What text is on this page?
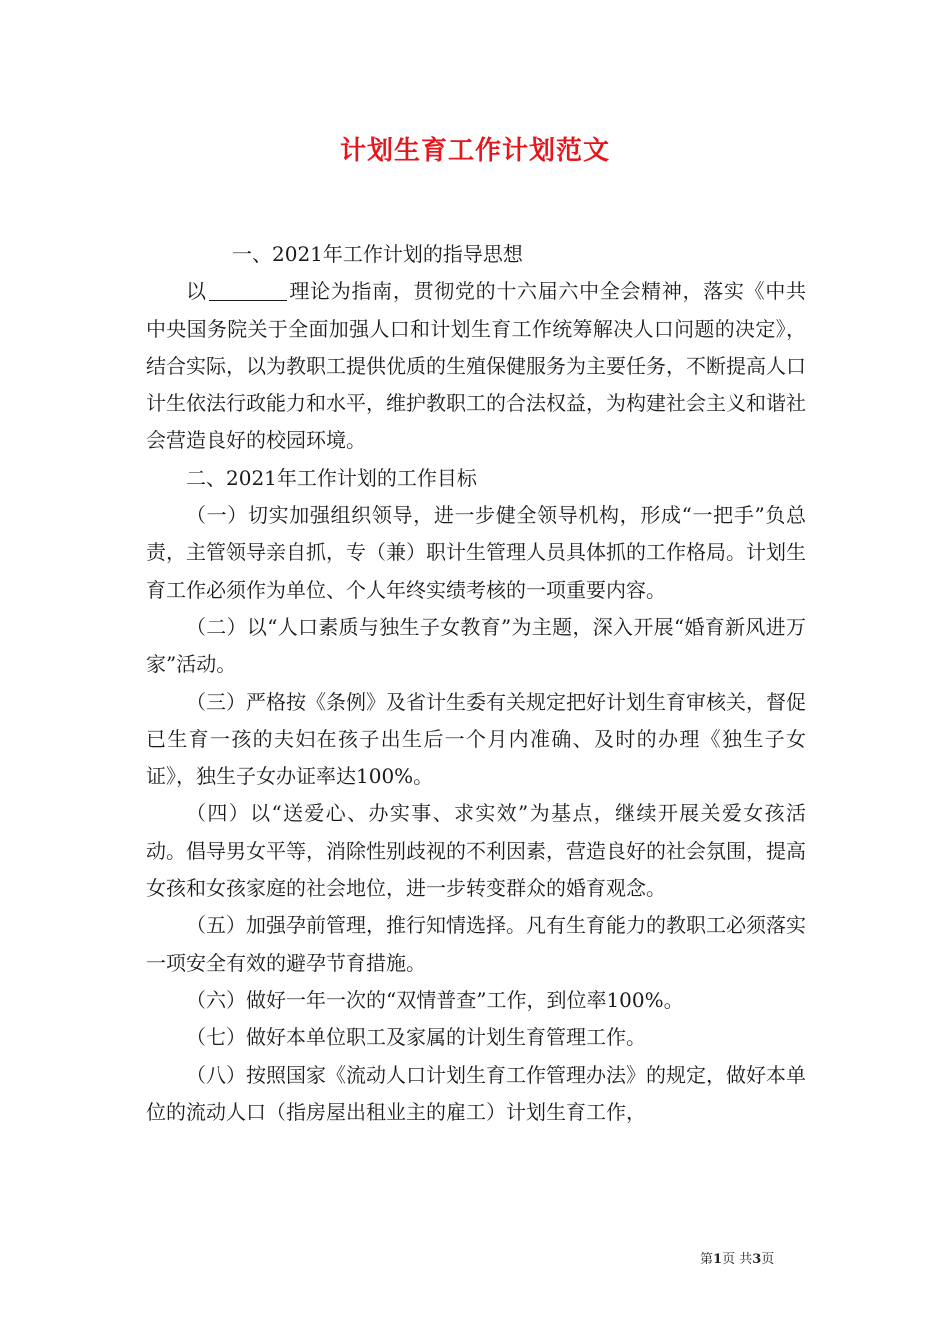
计划生育工作计划范文

一、2021年工作计划的指导思想

以	理论为指南，贯彻党的十六届六中全会精神，落实《中共中央国务院关于全面加强人口和计划生育工作统筹解决人口问题的决定》，结合实际，以为教职工提供优质的生殖保健服务为主要任务，不断提高人口计生依法行政能力和水平，维护教职工的合法权益，为构建社会主义和谐社会营造良好的校园环境。

二、2021年工作计划的工作目标

（一）切实加强组织领导，进一步健全领导机构，形成“一把手”负总责，主管领导亲自抓，专（兼）职计生管理人员具体抓的工作格局。计划生育工作必须作为单位、个人年终实绩考核的一项重要内容。

（二）以“人口素质与独生子女教育”为主题，深入开展“婚育新风进万家”活动。

（三）严格按《条例》及省计生委有关规定把好计划生育审核关，督促已生育一孩的夫妇在孩子出生后一个月内准确、及时的办理《独生子女证》，独生子女办证率达100%。

（四）以“送爱心、办实事、求实效”为基点，继续开展关爱女孩活动。倡导男女平等，消除性别歧视的不利因素，营造良好的社会氛围，提高女孩和女孩家庭的社会地位，进一步转变群众的婚育观念。

（五）加强孕前管理，推行知情选择。凡有生育能力的教职工必须落实一项安全有效的避孕节育措施。

（六）做好一年一次的“双情普查”工作，到位率100%。

（七）做好本单位职工及家属的计划生育管理工作。

（八）按照国家《流动人口计划生育工作管理办法》的规定，做好本单位的流动人口（指房屋出租业主的雇工）计划生育工作，

第1页 共3页
